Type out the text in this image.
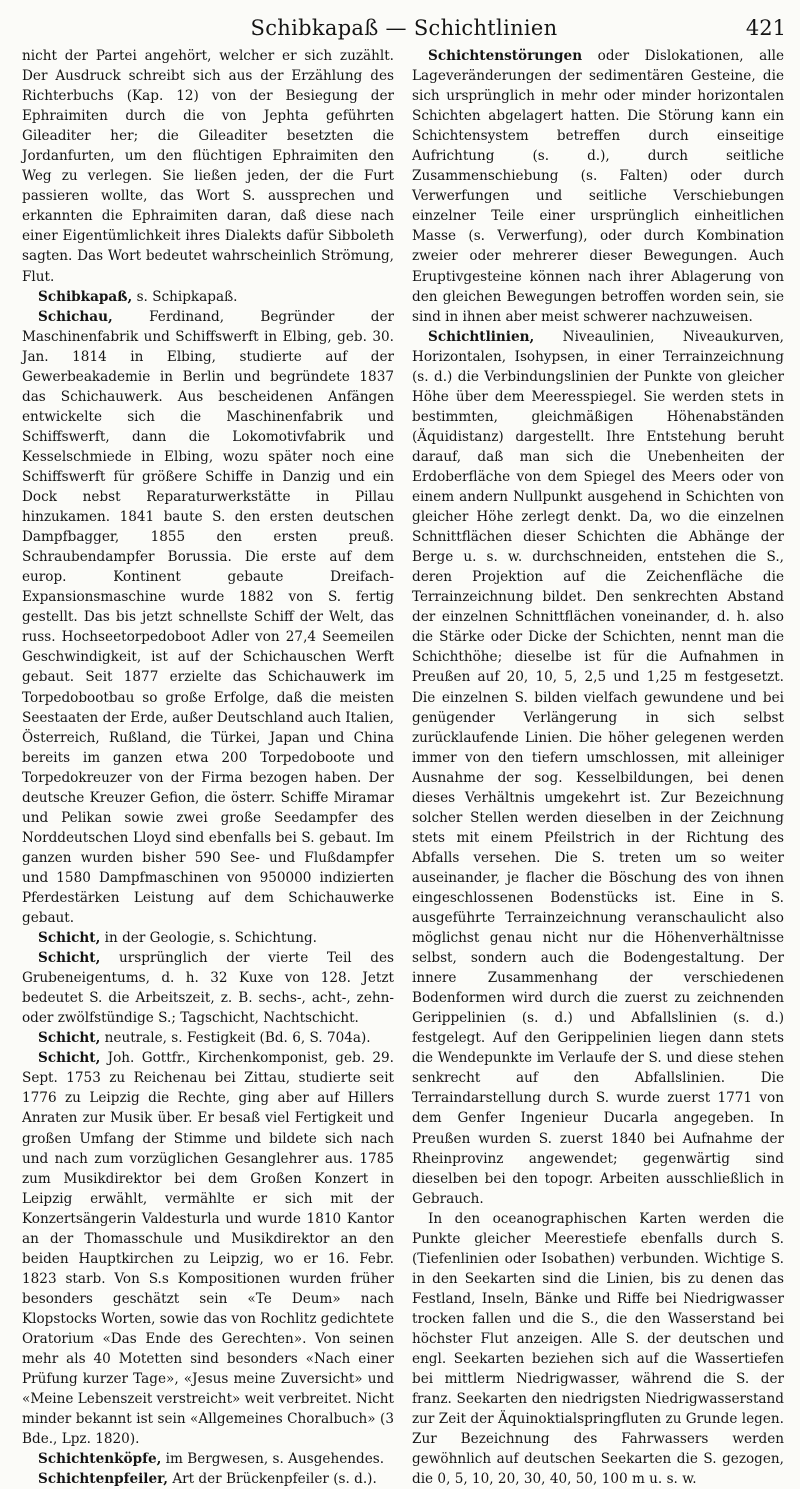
Schibkapaß — Schichtlinien	421

nicht der Partei angehört, welcher er sich zuzählt. Der Ausdruck schreibt sich aus der Erzählung des Richterbuchs (Kap. 12) von der Besiegung der Ephraimiten durch die von Jephta geführten Gileaditer her; die Gileaditer besetzten die Jordanfurten, um den flüchtigen Ephraimiten den Weg zu verlegen. Sie ließen jeden, der die Furt passieren wollte, das Wort S. aussprechen und erkannten die Ephraimiten daran, daß diese nach einer Eigentümlichkeit ihres Dialekts dafür Sibboleth sagten. Das Wort bedeutet wahrscheinlich Strömung, Flut.

Schibkapaß, s. Schipkapaß.

Schichau, Ferdinand, Begründer der Maschinenfabrik und Schiffswerft in Elbing, geb. 30. Jan. 1814 in Elbing, studierte auf der Gewerbeakademie in Berlin und begründete 1837 das Schichauwerk. Aus bescheidenen Anfängen entwickelte sich die Maschinenfabrik und Schiffswerft, dann die Lokomotivfabrik und Kesselschmiede in Elbing, wozu später noch eine Schiffswerft für größere Schiffe in Danzig und ein Dock nebst Reparaturwerkstätte in Pillau hinzukamen. 1841 baute S. den ersten deutschen Dampfbagger, 1855 den ersten preuß. Schraubendampfer Borussia. Die erste auf dem europ. Kontinent gebaute Dreifach-Expansionsmaschine wurde 1882 von S. fertig gestellt. Das bis jetzt schnellste Schiff der Welt, das russ. Hochseetorpedoboot Adler von 27,4 Seemeilen Geschwindigkeit, ist auf der Schichauschen Werft gebaut. Seit 1877 erzielte das Schichauwerk im Torpedobootbau so große Erfolge, daß die meisten Seestaaten der Erde, außer Deutschland auch Italien, Österreich, Rußland, die Türkei, Japan und China bereits im ganzen etwa 200 Torpedoboote und Torpedokreuzer von der Firma bezogen haben. Der deutsche Kreuzer Gefion, die österr. Schiffe Miramar und Pelikan sowie zwei große Seedampfer des Norddeutschen Lloyd sind ebenfalls bei S. gebaut. Im ganzen wurden bisher 590 See- und Flußdampfer und 1580 Dampfmaschinen von 950000 indizierten Pferdestärken Leistung auf dem Schichauwerke gebaut.

Schicht, in der Geologie, s. Schichtung.

Schicht, ursprünglich der vierte Teil des Grubeneigentums, d. h. 32 Kuxe von 128. Jetzt bedeutet S. die Arbeitszeit, z. B. sechs-, acht-, zehn- oder zwölfstündige S.; Tagschicht, Nachtschicht.

Schicht, neutrale, s. Festigkeit (Bd. 6, S. 704a).

Schicht, Joh. Gottfr., Kirchenkomponist, geb. 29. Sept. 1753 zu Reichenau bei Zittau, studierte seit 1776 zu Leipzig die Rechte, ging aber auf Hillers Anraten zur Musik über. Er besaß viel Fertigkeit und großen Umfang der Stimme und bildete sich nach und nach zum vorzüglichen Gesanglehrer aus. 1785 zum Musikdirektor bei dem Großen Konzert in Leipzig erwählt, vermählte er sich mit der Konzertsängerin Valdesturla und wurde 1810 Kantor an der Thomasschule und Musikdirektor an den beiden Hauptkirchen zu Leipzig, wo er 16. Febr. 1823 starb. Von S.s Kompositionen wurden früher besonders geschätzt sein «Te Deum» nach Klopstocks Worten, sowie das von Rochlitz gedichtete Oratorium «Das Ende des Gerechten». Von seinen mehr als 40 Motetten sind besonders «Nach einer Prüfung kurzer Tage», «Jesus meine Zuversicht» und «Meine Lebenszeit verstreicht» weit verbreitet. Nicht minder bekannt ist sein «Allgemeines Choralbuch» (3 Bde., Lpz. 1820).

Schichtenköpfe, im Bergwesen, s. Ausgehendes.

Schichtenpfeiler, Art der Brückenpfeiler (s. d.).

Schichtenstörungen oder Dislokationen, alle Lageveränderungen der sedimentären Gesteine, die sich ursprünglich in mehr oder minder horizontalen Schichten abgelagert hatten. Die Störung kann ein Schichtensystem betreffen durch einseitige Aufrichtung (s. d.), durch seitliche Zusammenschiebung (s. Falten) oder durch Verwerfungen und seitliche Verschiebungen einzelner Teile einer ursprünglich einheitlichen Masse (s. Verwerfung), oder durch Kombination zweier oder mehrerer dieser Bewegungen. Auch Eruptivgesteine können nach ihrer Ablagerung von den gleichen Bewegungen betroffen worden sein, sie sind in ihnen aber meist schwerer nachzuweisen.

Schichtlinien, Niveaulinien, Niveaukurven, Horizontalen, Isohypsen, in einer Terrainzeichnung (s. d.) die Verbindungslinien der Punkte von gleicher Höhe über dem Meeresspiegel. Sie werden stets in bestimmten, gleichmäßigen Höhenabständen (Äquidistanz) dargestellt. Ihre Entstehung beruht darauf, daß man sich die Unebenheiten der Erdoberfläche von dem Spiegel des Meers oder von einem andern Nullpunkt ausgehend in Schichten von gleicher Höhe zerlegt denkt. Da, wo die einzelnen Schnittflächen dieser Schichten die Abhänge der Berge u. s. w. durchschneiden, entstehen die S., deren Projektion auf die Zeichenfläche die Terrainzeichnung bildet. Den senkrechten Abstand der einzelnen Schnittflächen voneinander, d. h. also die Stärke oder Dicke der Schichten, nennt man die Schichthöhe; dieselbe ist für die Aufnahmen in Preußen auf 20, 10, 5, 2,5 und 1,25 m festgesetzt. Die einzelnen S. bilden vielfach gewundene und bei genügender Verlängerung in sich selbst zurücklaufende Linien. Die höher gelegenen werden immer von den tiefern umschlossen, mit alleiniger Ausnahme der sog. Kesselbildungen, bei denen dieses Verhältnis umgekehrt ist. Zur Bezeichnung solcher Stellen werden dieselben in der Zeichnung stets mit einem Pfeilstrich in der Richtung des Abfalls versehen. Die S. treten um so weiter auseinander, je flacher die Böschung des von ihnen eingeschlossenen Bodenstücks ist. Eine in S. ausgeführte Terrainzeichnung veranschaulicht also möglichst genau nicht nur die Höhenverhältnisse selbst, sondern auch die Bodengestaltung. Der innere Zusammenhang der verschiedenen Bodenformen wird durch die zuerst zu zeichnenden Gerippelinien (s. d.) und Abfallslinien (s. d.) festgelegt. Auf den Gerippelinien liegen dann stets die Wendepunkte im Verlaufe der S. und diese stehen senkrecht auf den Abfallslinien. Die Terraindarstellung durch S. wurde zuerst 1771 von dem Genfer Ingenieur Ducarla angegeben. In Preußen wurden S. zuerst 1840 bei Aufnahme der Rheinprovinz angewendet; gegenwärtig sind dieselben bei den topogr. Arbeiten ausschließlich in Gebrauch.

In den oceanographischen Karten werden die Punkte gleicher Meerestiefe ebenfalls durch S. (Tiefenlinien oder Isobathen) verbunden. Wichtige S. in den Seekarten sind die Linien, bis zu denen das Festland, Inseln, Bänke und Riffe bei Niedrigwasser trocken fallen und die S., die den Wasserstand bei höchster Flut anzeigen. Alle S. der deutschen und engl. Seekarten beziehen sich auf die Wassertiefen bei mittlerm Niedrigwasser, während die S. der franz. Seekarten den niedrigsten Niedrigwasserstand zur Zeit der Äquinoktialspringfluten zu Grunde legen. Zur Bezeichnung des Fahrwassers werden gewöhnlich auf deutschen Seekarten die S. gezogen, die 0, 5, 10, 20, 30, 40, 50, 100 m u. s. w.
